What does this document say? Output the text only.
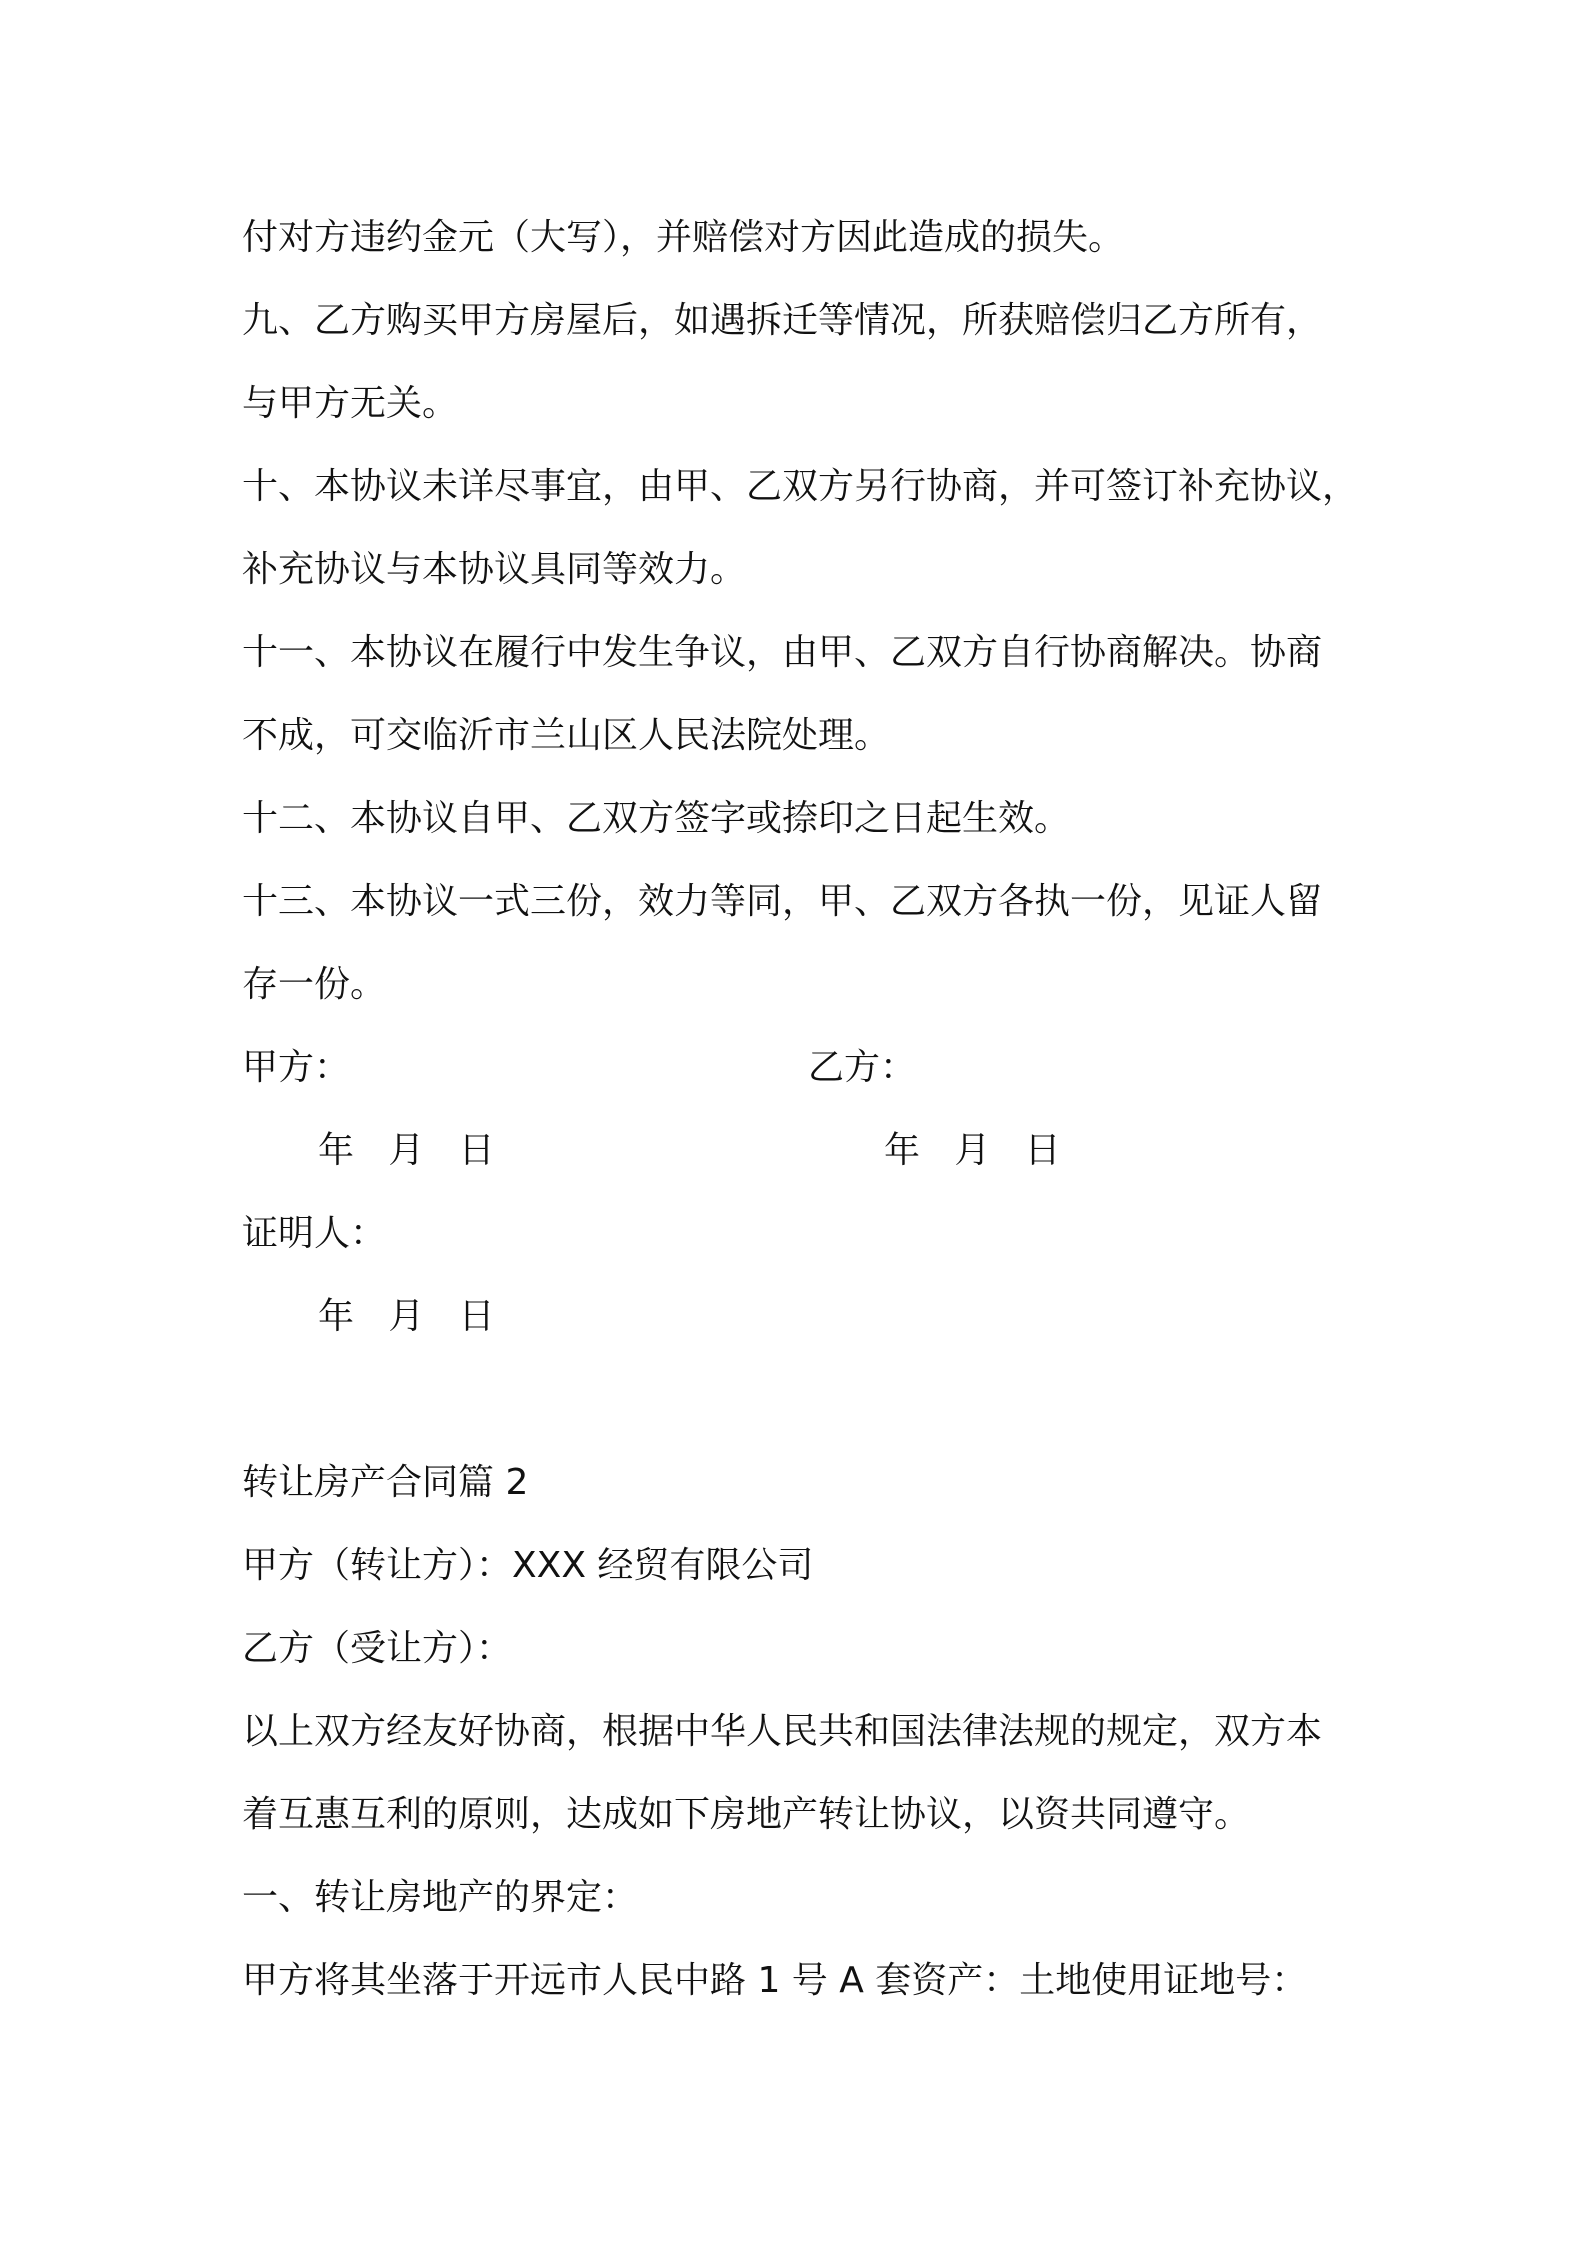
付对方违约金元（大写），并赔偿对方因此造成的损失。
九、乙方购买甲方房屋后，如遇拆迁等情况，所获赔偿归乙方所有，
与甲方无关。
十、本协议未详尽事宜，由甲、乙双方另行协商，并可签订补充协议，
补充协议与本协议具同等效力。
十一、本协议在履行中发生争议，由甲、乙双方自行协商解决。协商
不成，可交临沂市兰山区人民法院处理。
十二、本协议自甲、乙双方签字或捺印之日起生效。
十三、本协议一式三份，效力等同，甲、乙双方各执一份，见证人留
存一份。
甲方：	乙方：
年   月   日	年   月   日
证明人：
年   月   日
转让房产合同篇 2
甲方（转让方）：XXX 经贸有限公司
乙方（受让方）：
以上双方经友好协商，根据中华人民共和国法律法规的规定，双方本
着互惠互利的原则，达成如下房地产转让协议，以资共同遵守。
一、转让房地产的界定：
甲方将其坐落于开远市人民中路 1 号 A 套资产：土地使用证地号：
